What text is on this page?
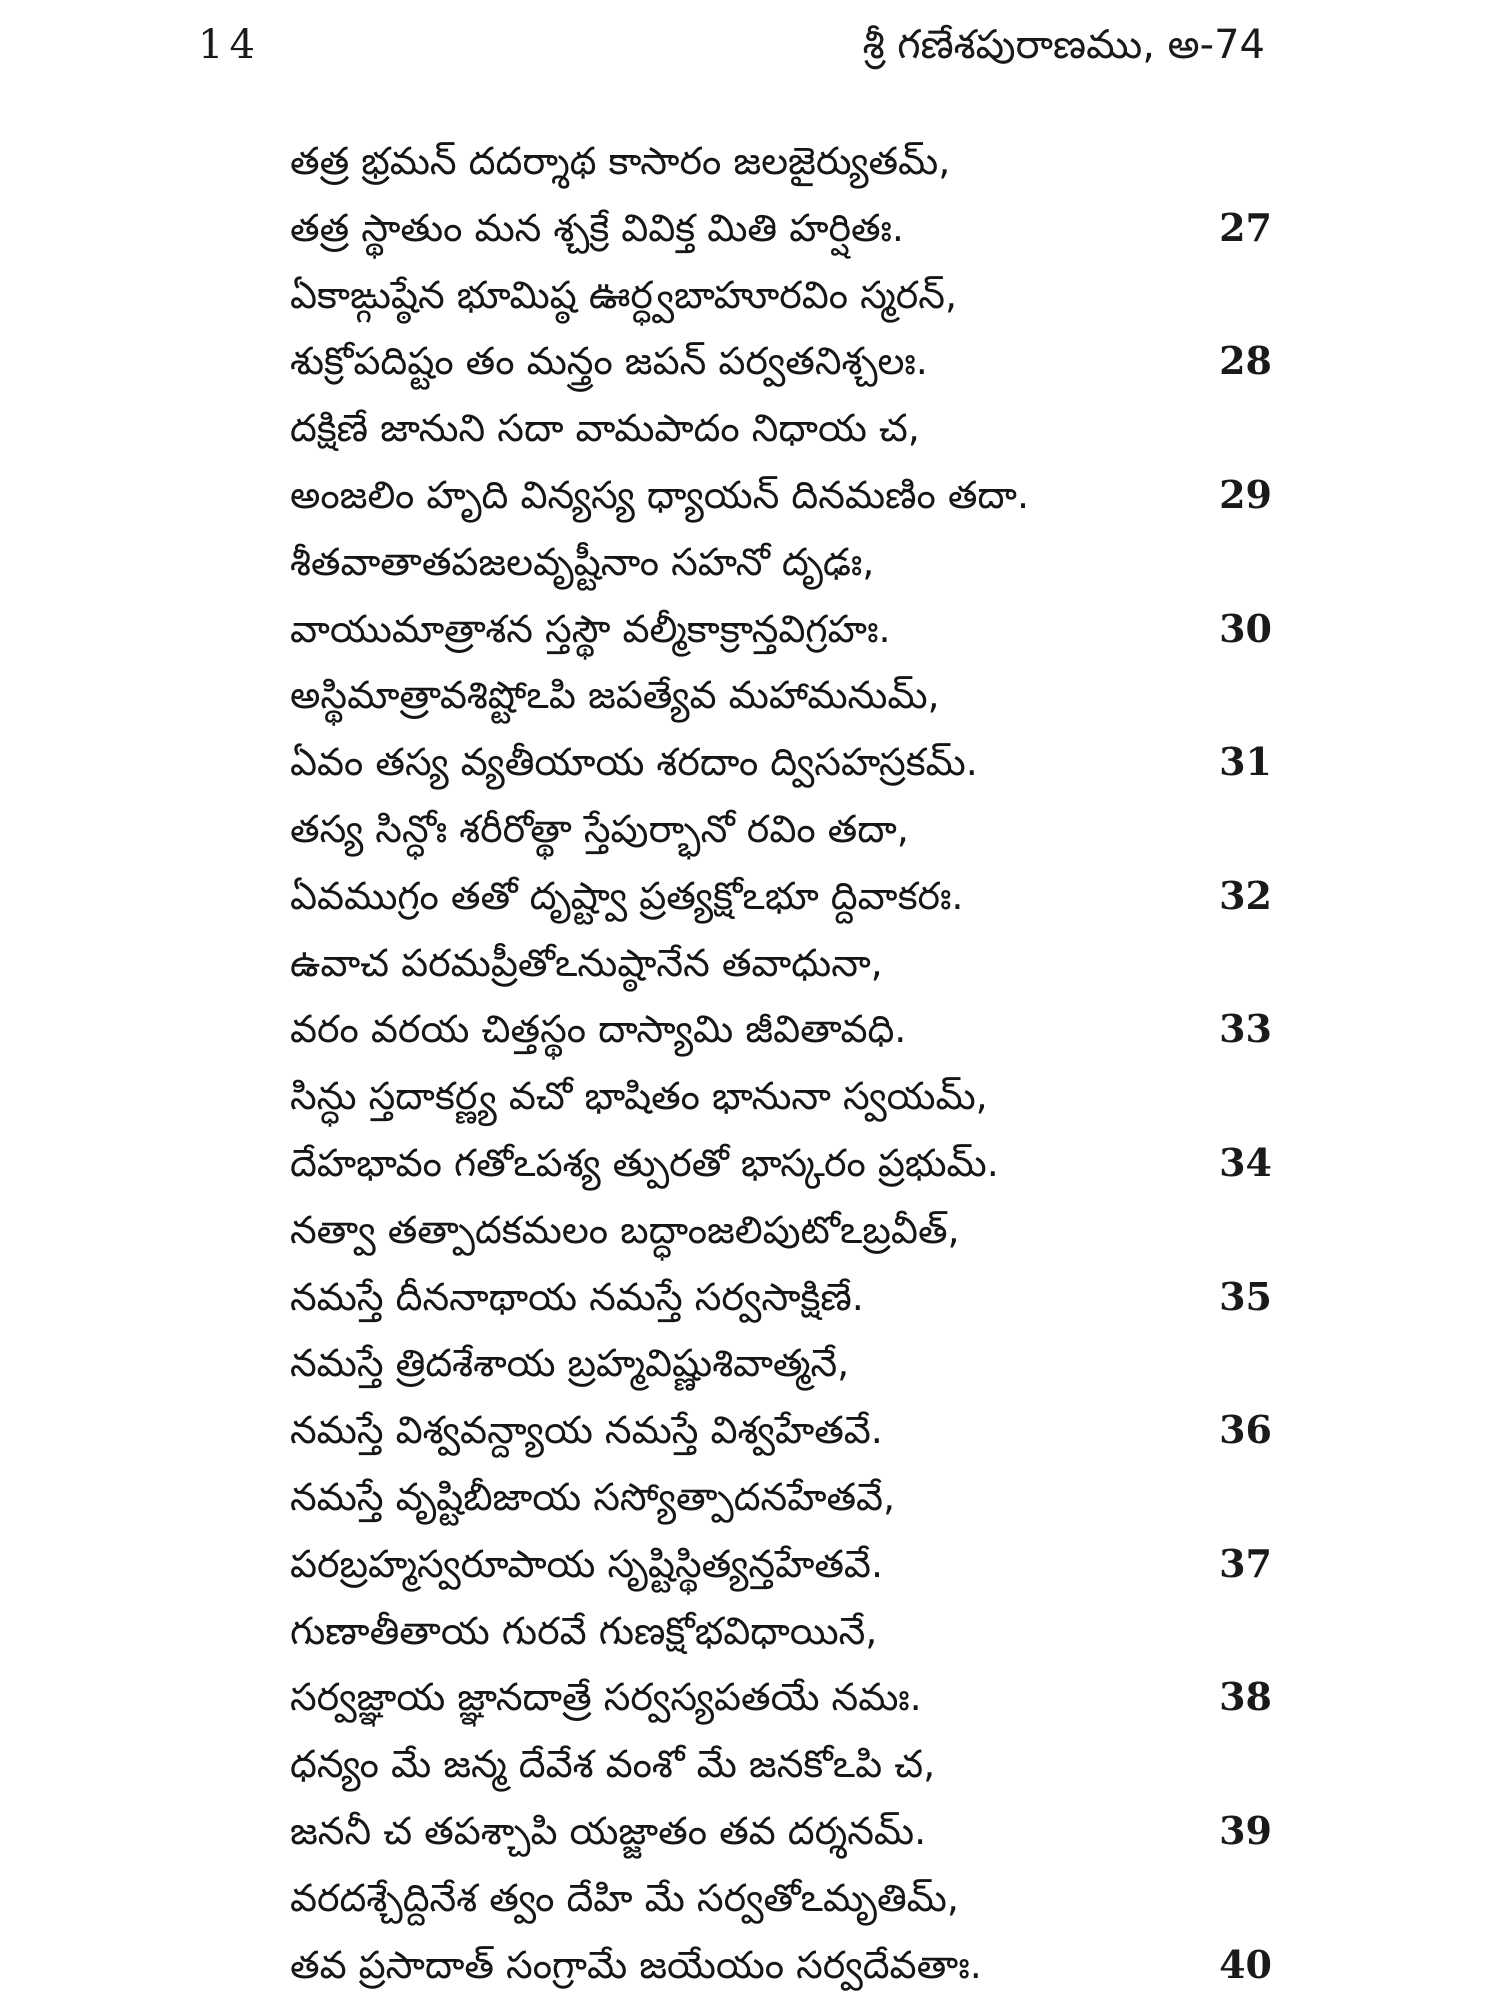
14	శ్రీ గణేశపురాణము, అ-74
తత్ర భ్రమన్ దదర్శాథ కాసారం జలజైర్యుతమ్,
తత్ర స్థాతుం మన శ్చక్రే వివిక్త మితి హర్షితః.	27
ఏకాఙ్గుష్ఠేన భూమిష్ఠ ఊర్ధ్వబాహూరవిం స్మరన్,
శుక్రోపదిష్టం తం మన్త్రం జపన్ పర్వతనిశ్చలః.	28
దక్షిణే జానుని సదా వామపాదం నిధాయ చ,
అంజలిం హృది విన్యస్య ధ్యాయన్ దినమణిం తదా.	29
శీతవాతాతపజలవృష్టీనాం సహనో దృఢః,
వాయుమాత్రాశన స్తస్థౌ వల్మీకాక్రాన్తవిగ్రహః.	30
అస్థిమాత్రావశిష్టోఽపి జపత్యేవ మహామనుమ్,
ఏవం తస్య వ్యతీయాయ శరదాం ద్విసహస్రకమ్.	31
తస్య సిన్ధోః శరీరోత్థా స్తేపుర్భానో రవిం తదా,
ఏవముగ్రం తతో దృష్ట్వా ప్రత్యక్షోఽభూ ద్దివాకరః.	32
ఉవాచ పరమప్రీతోఽనుష్ఠానేన తవాధునా,
వరం వరయ చిత్తస్థం దాస్యామి జీవితావధి.	33
సిన్ధు స్తదాకర్ణ్య వచో భాషితం భానునా స్వయమ్,
దేహభావం గతోఽపశ్య త్పురతో భాస్కరం ప్రభుమ్.	34
నత్వా తత్పాదకమలం బద్ధాంజలిపుటోఽబ్రవీత్,
నమస్తే దీననాథాయ నమస్తే సర్వసాక్షిణే.	35
నమస్తే త్రిదశేశాయ బ్రహ్మవిష్ణుశివాత్మనే,
నమస్తే విశ్వవన్ద్యాయ నమస్తే విశ్వహేతవే.	36
నమస్తే వృష్టిబీజాయ సస్యోత్పాదనహేతవే,
పరబ్రహ్మస్వరూపాయ సృష్టిస్థిత్యన్తహేతవే.	37
గుణాతీతాయ గురవే గుణక్షోభవిధాయినే,
సర్వజ్ఞాయ జ్ఞానదాత్రే సర్వస్యపతయే నమః.	38
ధన్యం మే జన్మ దేవేశ వంశో మే జనకోఽపి చ,
జననీ చ తపశ్చాపి యజ్జాతం తవ దర్శనమ్.	39
వరదశ్చేద్దినేశ త్వం దేహి మే సర్వతోఽమృతిమ్,
తవ ప్రసాదాత్ సంగ్రామే జయేయం సర్వదేవతాః.	40
